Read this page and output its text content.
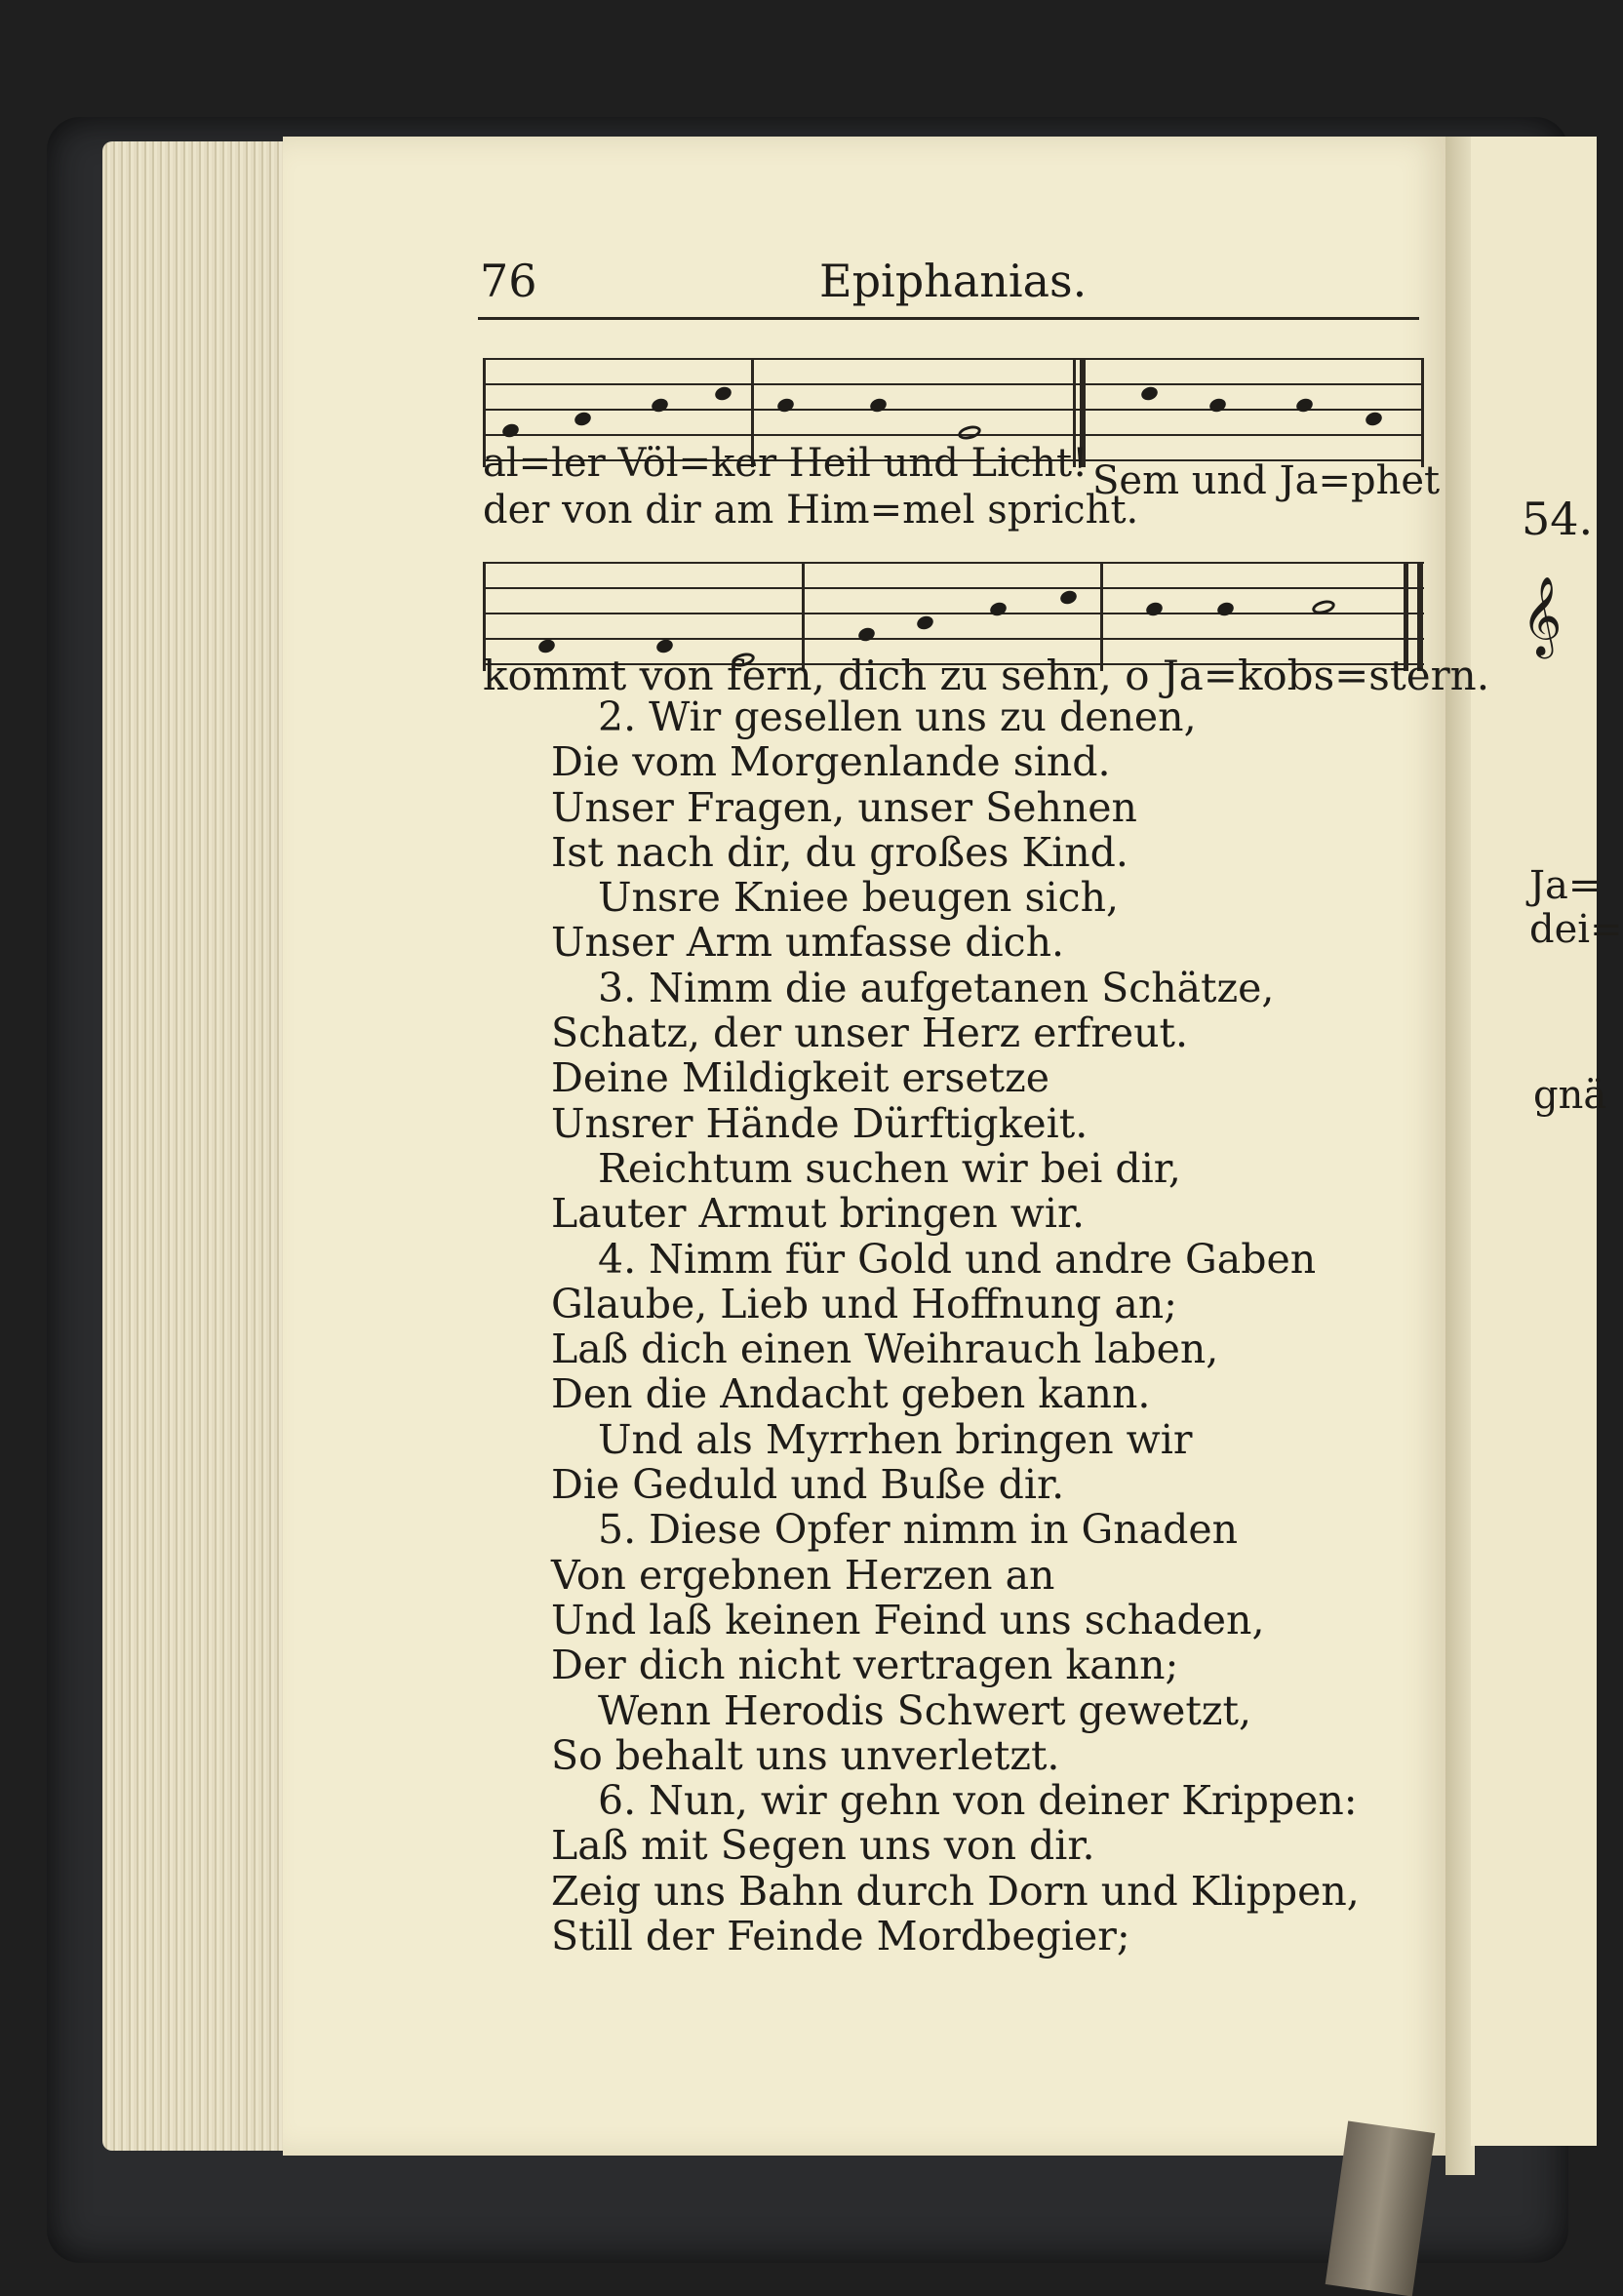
76	Epiphanias.
al=ler Völ=ker Heil und Licht!
der von dir am Him=mel spricht.
Sem und Ja=phet
kommt von fern, dich zu sehn, o Ja=kobs=stern.
2. Wir gesellen uns zu denen,
Die vom Morgenlande sind.
Unser Fragen, unser Sehnen
Ist nach dir, du großes Kind.
Unsre Kniee beugen sich,
Unser Arm umfasse dich.
3. Nimm die aufgetanen Schätze,
Schatz, der unser Herz erfreut.
Deine Mildigkeit ersetze
Unsrer Hände Dürftigkeit.
Reichtum suchen wir bei dir,
Lauter Armut bringen wir.
4. Nimm für Gold und andre Gaben
Glaube, Lieb und Hoffnung an;
Laß dich einen Weihrauch laben,
Den die Andacht geben kann.
Und als Myrrhen bringen wir
Die Geduld und Buße dir.
5. Diese Opfer nimm in Gnaden
Von ergebnen Herzen an
Und laß keinen Feind uns schaden,
Der dich nicht vertragen kann;
Wenn Herodis Schwert gewetzt,
So behalt uns unverletzt.
6. Nun, wir gehn von deiner Krippen:
Laß mit Segen uns von dir.
Zeig uns Bahn durch Dorn und Klippen,
Still der Feinde Mordbegier;
54.
𝄞
Ja=
dei=
gnä
